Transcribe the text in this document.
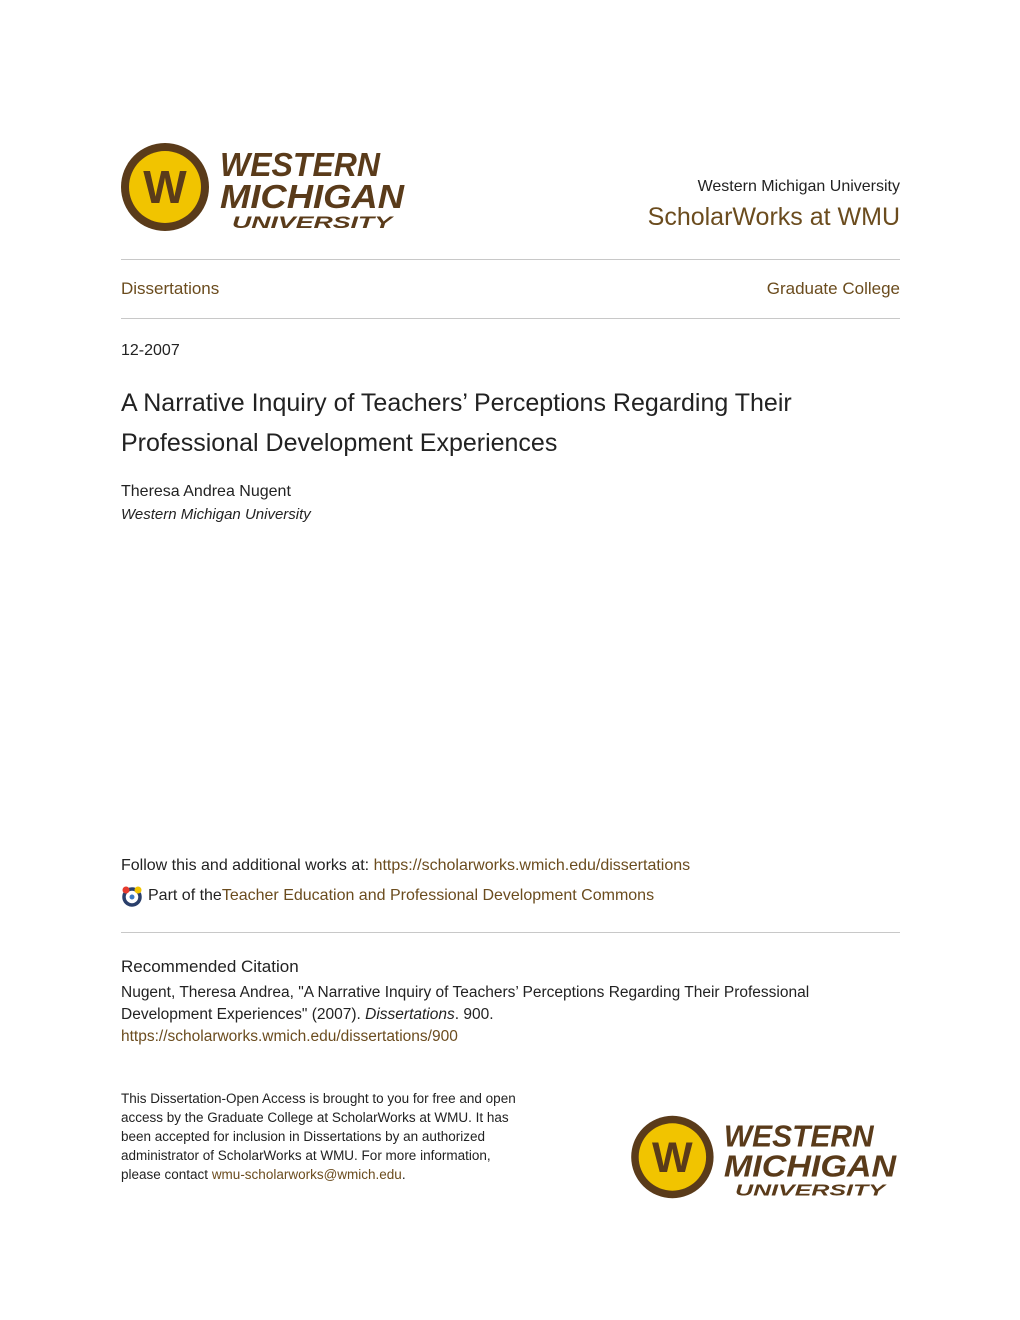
W WESTERN
MICHIGAN
UNIVERSITY
Western Michigan University
ScholarWorks at WMU
Dissertations	Graduate College
12-2007
A Narrative Inquiry of Teachers’ Perceptions Regarding Their Professional Development Experiences
Theresa Andrea Nugent
Western Michigan University
Follow this and additional works at: https://scholarworks.wmich.edu/dissertations
Part of the Teacher Education and Professional Development Commons
Recommended Citation
Nugent, Theresa Andrea, "A Narrative Inquiry of Teachers’ Perceptions Regarding Their Professional Development Experiences" (2007). Dissertations. 900.
https://scholarworks.wmich.edu/dissertations/900
This Dissertation-Open Access is brought to you for free and open access by the Graduate College at ScholarWorks at WMU. It has been accepted for inclusion in Dissertations by an authorized administrator of ScholarWorks at WMU. For more information, please contact wmu-scholarworks@wmich.edu.	W WESTERN
MICHIGAN
UNIVERSITY
